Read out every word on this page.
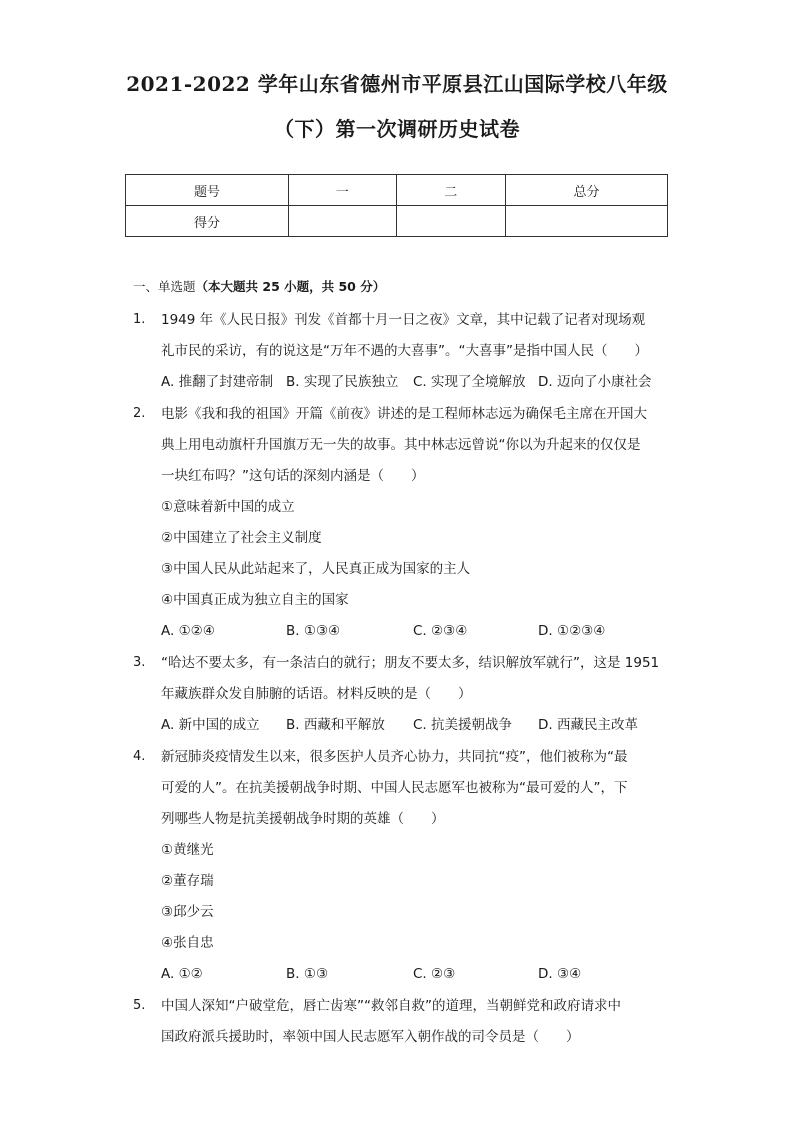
2021-2022 学年山东省德州市平原县江山国际学校八年级
（下）第一次调研历史试卷
题号	一	二	总分
得分			
一、单选题（本大题共 25 小题，共 50 分）
1. 1949 年《人民日报》刊发《首都十月一日之夜》文章，其中记载了记者对现场观
礼市民的采访，有的说这是“万年不遇的大喜事”。“大喜事”是指中国人民（　　）
A. 推翻了封建帝制 B. 实现了民族独立 C. 实现了全境解放 D. 迈向了小康社会
2. 电影《我和我的祖国》开篇《前夜》讲述的是工程师林志远为确保毛主席在开国大
典上用电动旗杆升国旗万无一失的故事。其中林志远曾说“你以为升起来的仅仅是
一块红布吗？”这句话的深刻内涵是（　　）
①意味着新中国的成立
②中国建立了社会主义制度
③中国人民从此站起来了，人民真正成为国家的主人
④中国真正成为独立自主的国家
A. ①②④	B. ①③④	C. ②③④	D. ①②③④
3. “哈达不要太多，有一条洁白的就行；朋友不要太多，结识解放军就行”，这是 1951
年藏族群众发自肺腑的话语。材料反映的是（　　）
A. 新中国的成立 B. 西藏和平解放 C. 抗美援朝战争 D. 西藏民主改革
4. 新冠肺炎疫情发生以来，很多医护人员齐心协力，共同抗“疫”，他们被称为“最
可爱的人”。在抗美援朝战争时期、中国人民志愿军也被称为“最可爱的人”，下
列哪些人物是抗美援朝战争时期的英雄（　　）
①黄继光
②董存瑞
③邱少云
④张自忠
A. ①②	B. ①③	C. ②③	D. ③④
5. 中国人深知“户破堂危，唇亡齿寒”“救邻自救”的道理，当朝鲜党和政府请求中
国政府派兵援助时，率领中国人民志愿军入朝作战的司令员是（　　）
